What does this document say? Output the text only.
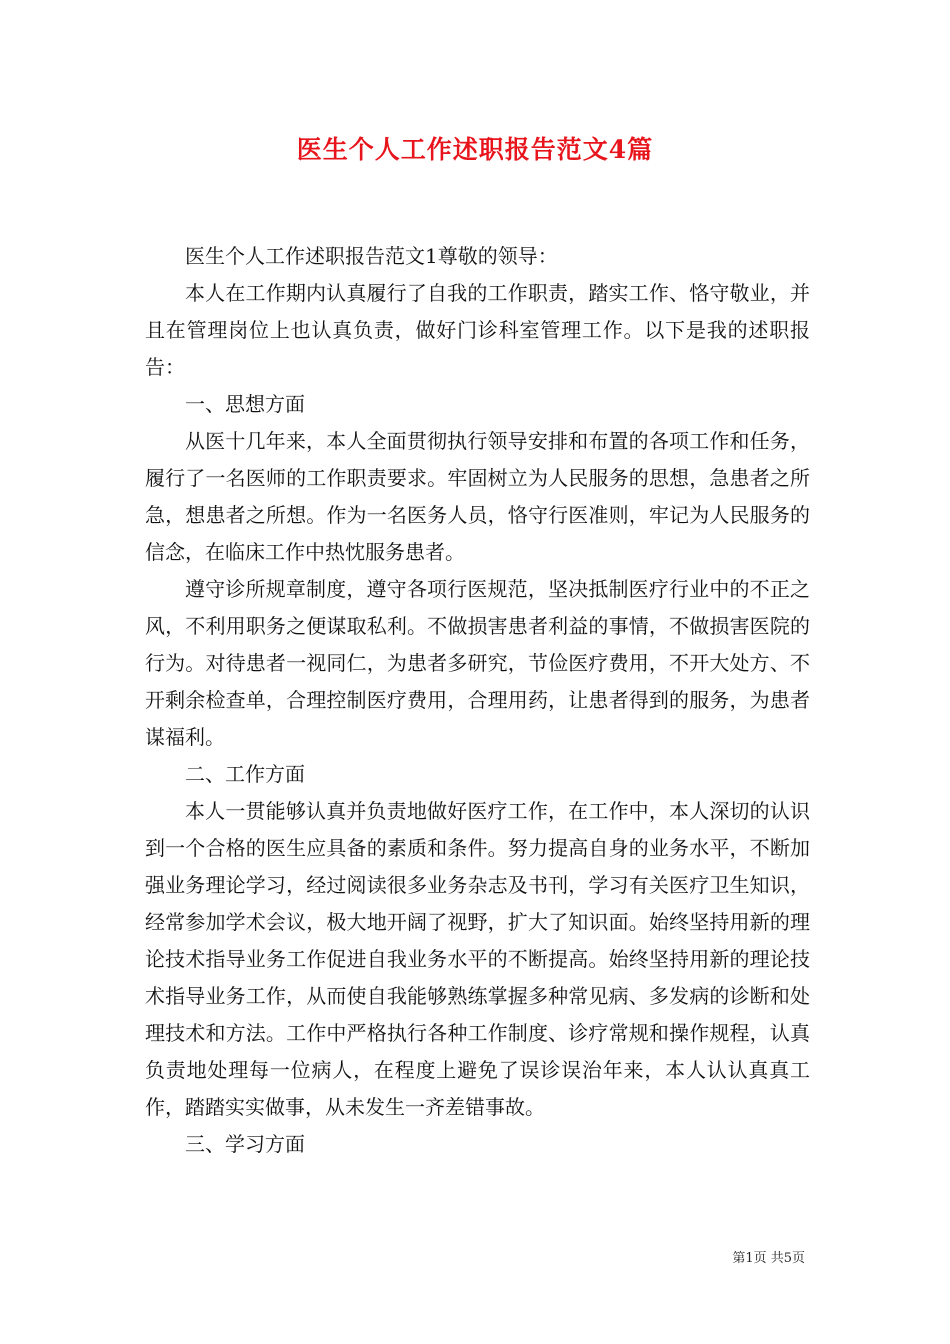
医生个人工作述职报告范文4篇

医生个人工作述职报告范文1尊敬的领导：

本人在工作期内认真履行了自我的工作职责，踏实工作、恪守敬业，并且在管理岗位上也认真负责，做好门诊科室管理工作。以下是我的述职报告：

一、思想方面

从医十几年来，本人全面贯彻执行领导安排和布置的各项工作和任务，履行了一名医师的工作职责要求。牢固树立为人民服务的思想，急患者之所急，想患者之所想。作为一名医务人员，恪守行医准则，牢记为人民服务的信念，在临床工作中热忱服务患者。

遵守诊所规章制度，遵守各项行医规范，坚决抵制医疗行业中的不正之风，不利用职务之便谋取私利。不做损害患者利益的事情，不做损害医院的行为。对待患者一视同仁，为患者多研究，节俭医疗费用，不开大处方、不开剩余检查单，合理控制医疗费用，合理用药，让患者得到的服务，为患者谋福利。

二、工作方面

本人一贯能够认真并负责地做好医疗工作，在工作中，本人深切的认识到一个合格的医生应具备的素质和条件。努力提高自身的业务水平，不断加强业务理论学习，经过阅读很多业务杂志及书刊，学习有关医疗卫生知识，经常参加学术会议，极大地开阔了视野，扩大了知识面。始终坚持用新的理论技术指导业务工作促进自我业务水平的不断提高。始终坚持用新的理论技术指导业务工作，从而使自我能够熟练掌握多种常见病、多发病的诊断和处理技术和方法。工作中严格执行各种工作制度、诊疗常规和操作规程，认真负责地处理每一位病人，在程度上避免了误诊误治年来，本人认认真真工作，踏踏实实做事，从未发生一齐差错事故。

三、学习方面

第1页 共5页
